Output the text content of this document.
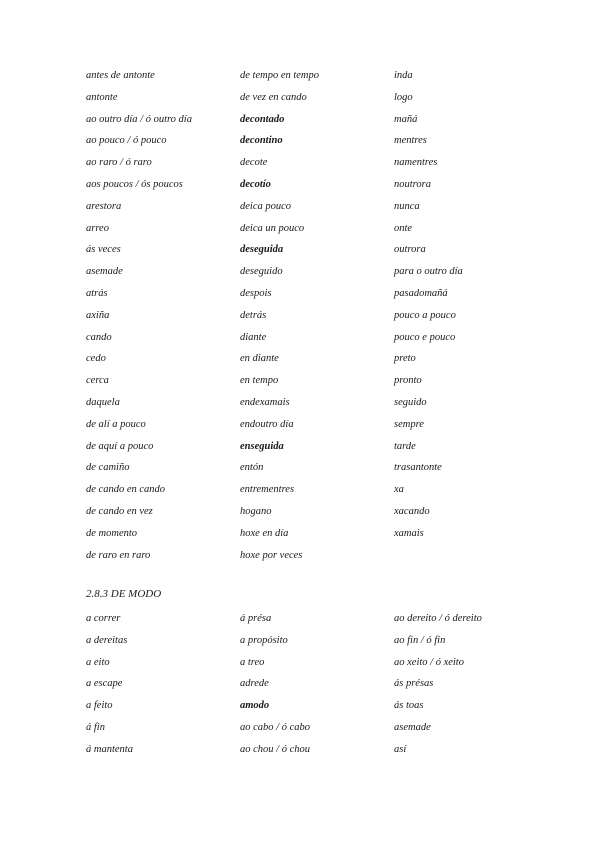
antes de antonte
antonte
ao outro día / ó outro día
ao pouco / ó pouco
ao raro / ó raro
aos poucos / ós poucos
arestora
arreo
ás veces
asemade
atrás
axiña
cando
cedo
cerca
daquela
de alí a pouco
de aquí a pouco
de camiño
de cando en cando
de cando en vez
de momento
de raro en raro
de tempo en tempo
de vez en cando
decontado
decontino
decote
decotío
deica pouco
deica un pouco
deseguida
deseguido
despois
detrás
diante
en diante
en tempo
endexamais
endoutro día
enseguida
entón
entrementres
hogano
hoxe en día
hoxe por veces
inda
logo
mañá
mentres
namentres
noutrora
nunca
onte
outrora
para o outro día
pasadomañá
pouco a pouco
pouco e pouco
preto
pronto
seguido
sempre
tarde
trasantonte
xa
xacando
xamais
2.8.3 DE MODO
a correr
a dereitas
a eito
a escape
a feito
á fin
á mantenta
á présa
a propósito
a treo
adrede
amodo
ao cabo / ó cabo
ao chou / ó chou
ao dereito / ó dereito
ao fin / ó fin
ao xeito / ó xeito
ás présas
ás toas
asemade
así
